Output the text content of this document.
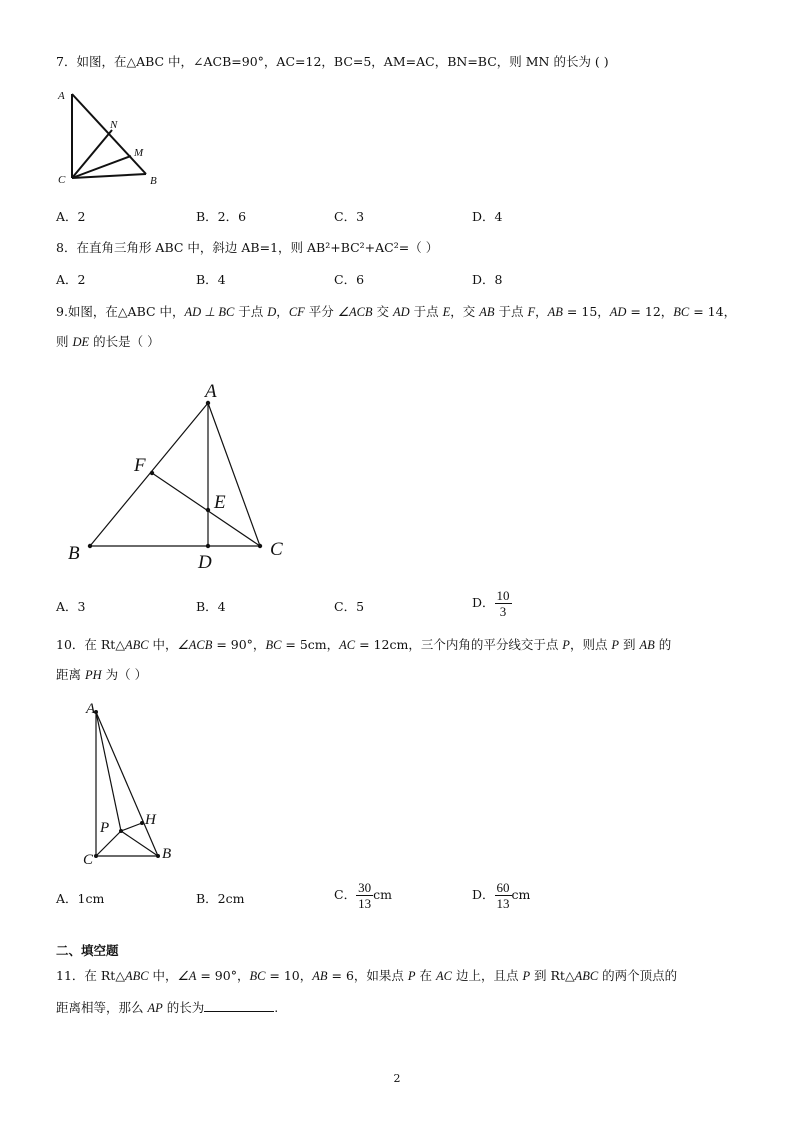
7．如图，在△ABC 中，∠ACB=90°，AC=12，BC=5，AM=AC，BN=BC，则 MN 的长为 ( )
A
N
M
C	B
A．2	B．2．6	C．3	D．4
8．在直角三角形 ABC 中，斜边 AB=1，则 AB²+BC²+AC²=（ ）
A．2	B．4	C．6	D．8
9.如图，在△ABC 中，AD ⊥ BC 于点 D，CF 平分 ∠ACB 交 AD 于点 E，交 AB 于点 F，AB = 15，AD = 12，BC = 14，
则 DE 的长是（ ）
A
F
E
B	D
C
A．3	B．4	C．5	D． $\frac{10}{3}$
10．在 Rt△ABC 中，∠ACB = 90°，BC = 5cm，AC = 12cm，三个内角的平分线交于点 P，则点 P 到 AB 的
距离 PH 为（ ）
A
H
P
C	B
A．1cm	B．2cm	C． $\frac{30}{13}$ cm	D． $\frac{60}{13}$ cm
二、填空题
11．在 Rt△ABC 中，∠A = 90°，BC = 10，AB = 6，如果点 P 在 AC 边上，且点 P 到 Rt△ABC 的两个顶点的
距离相等，那么 AP 的长为	.
2
